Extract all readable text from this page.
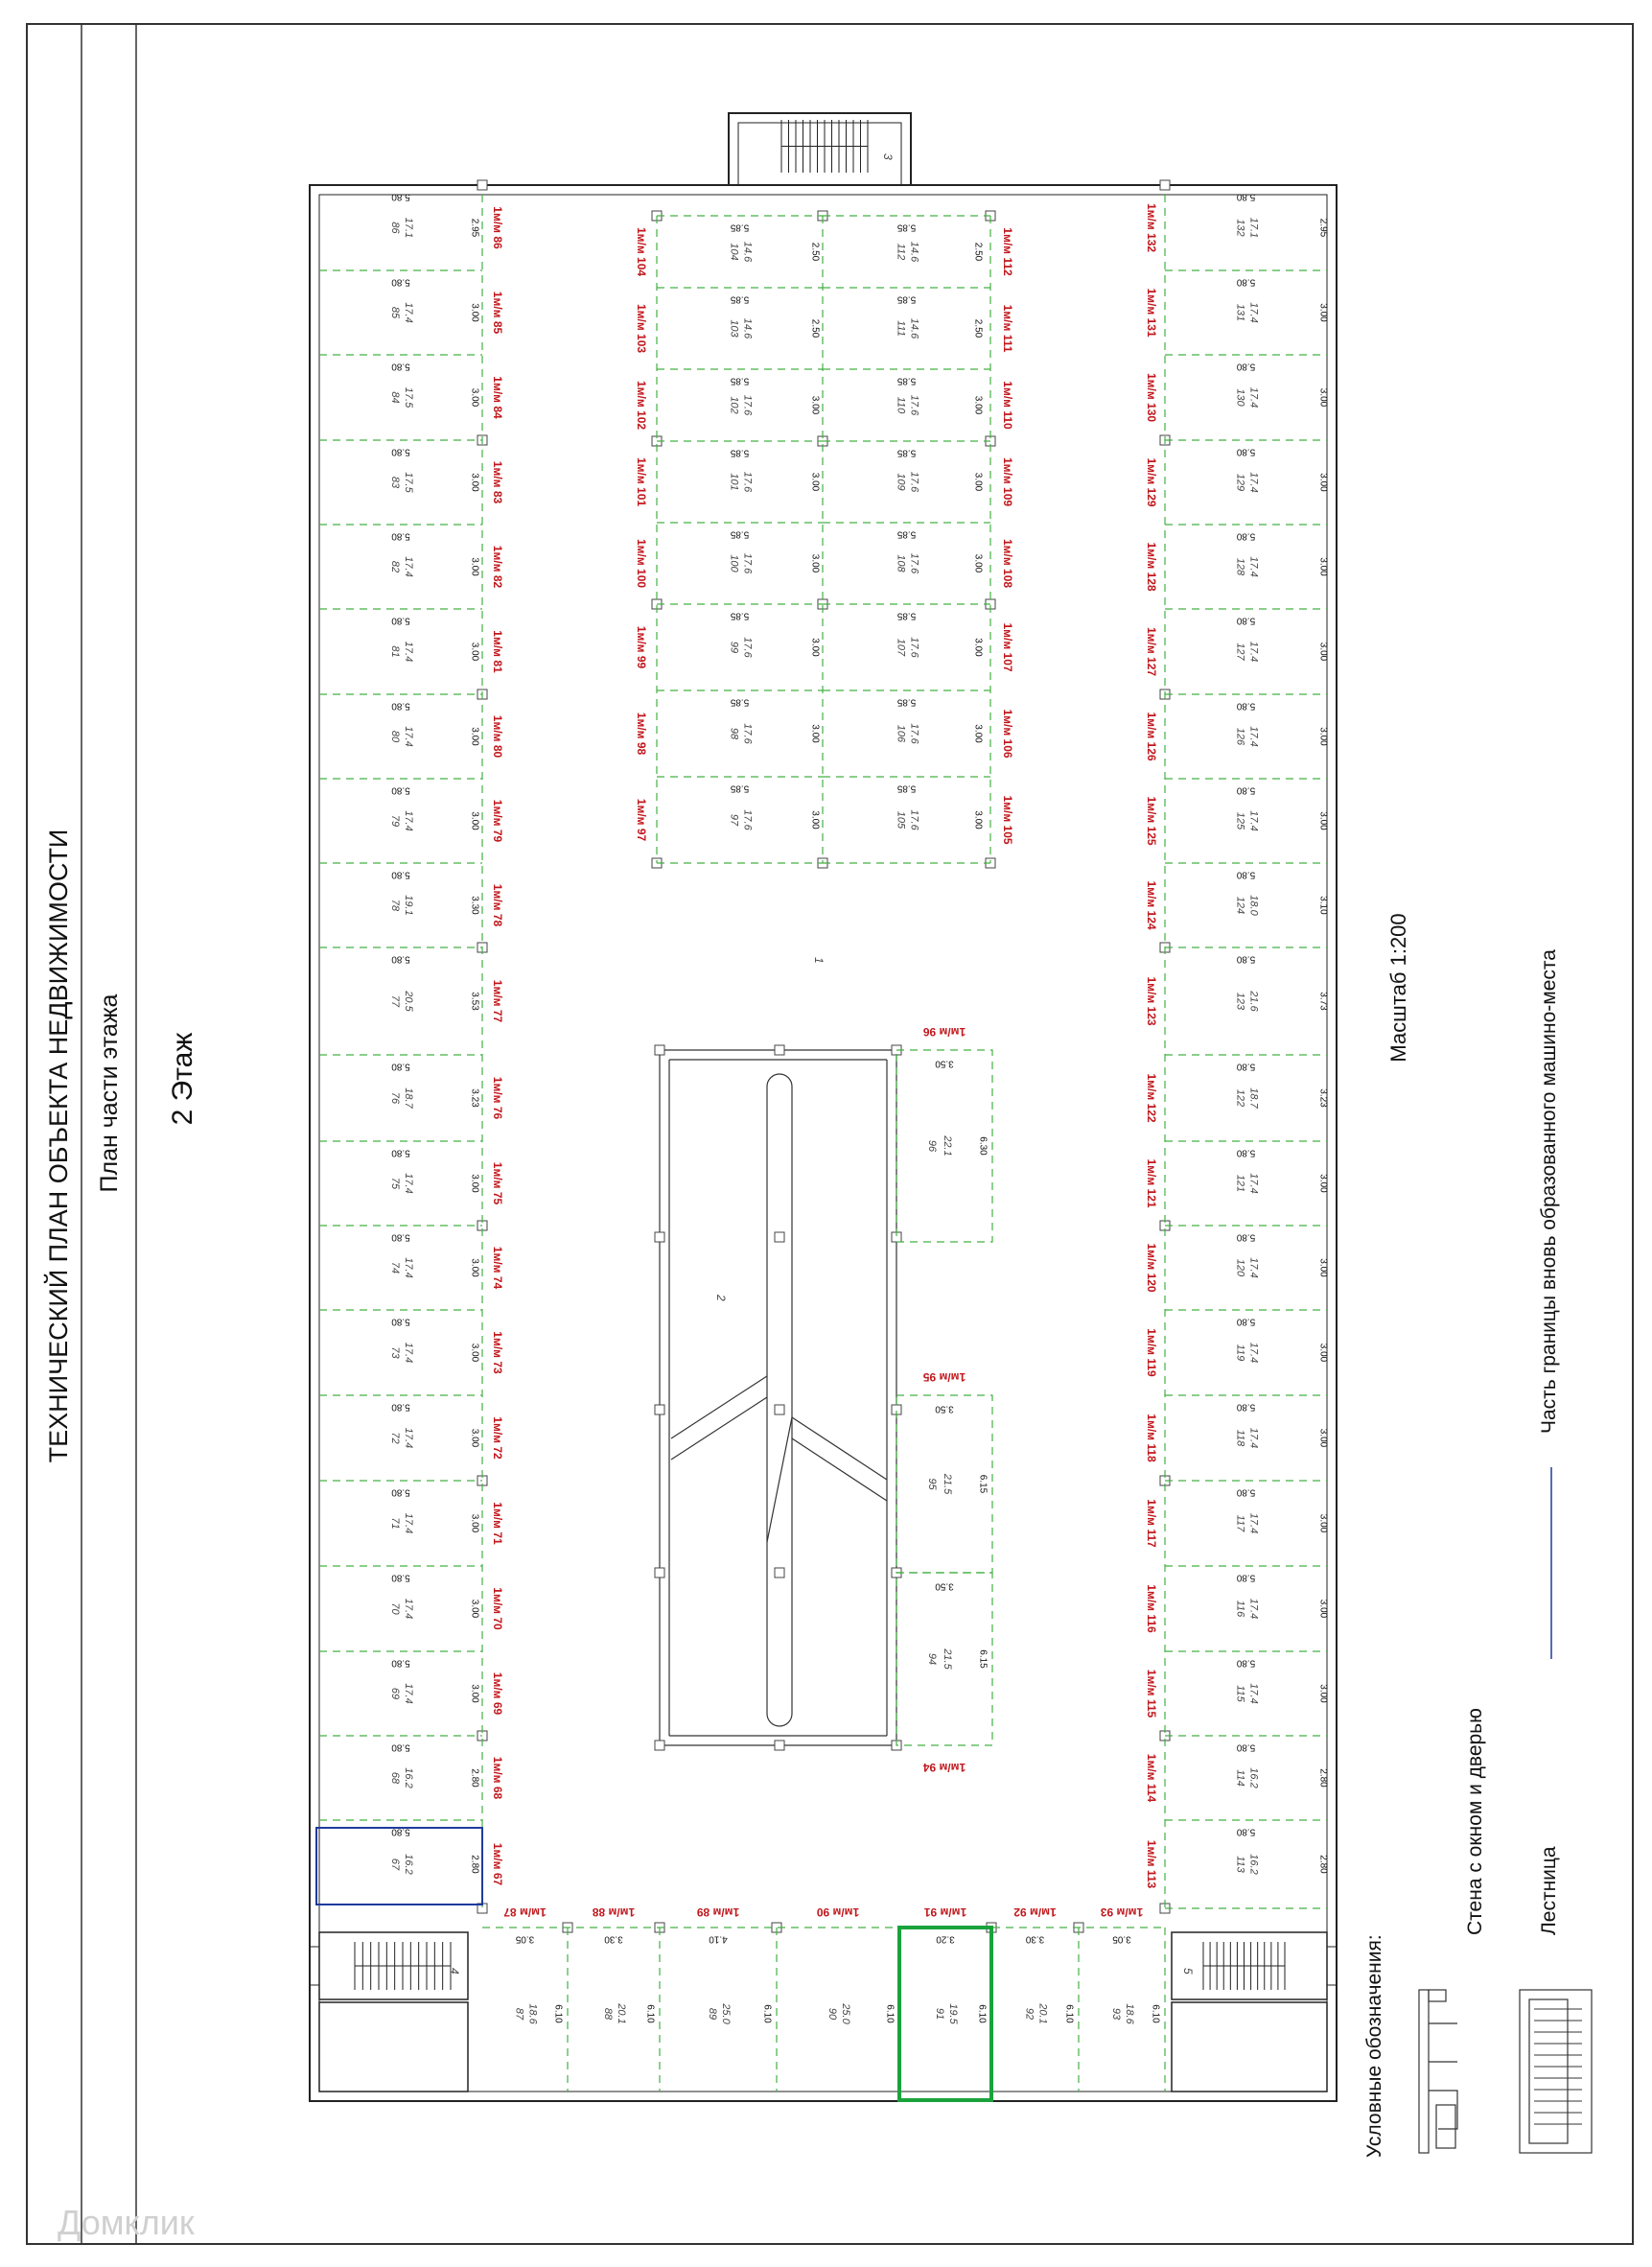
ТЕХНИЧЕСКИЙ ПЛАН ОБЪЕКТА НЕДВИЖИМОСТИ План части этажа 2 Этаж
Масштаб 1:200
3
4	5
2
1
1м/м 86
2.95
5.80
86 17.1
1м/м 85
3.00
5.80
85 17.4
1м/м 84
3.00
5.80
84 17.5
1м/м 83
3.00
5.80
83 17.5
1м/м 82
3.00
5.80
82 17.4
1м/м 81
3.00
5.80
81 17.4
1м/м 80
3.00
5.80
80 17.4
1м/м 79
3.00
5.80
79 17.4
1м/м 78
3.30
5.80
78 19.1
1м/м 77
3.53
5.80
77 20.5
1м/м 76
3.23
5.80
76 18.7
1м/м 75
3.00
5.80
75 17.4
1м/м 74
3.00
5.80
74 17.4
1м/м 73
3.00
5.80
73 17.4
1м/м 72
3.00
5.80
72 17.4
1м/м 71
3.00
5.80
71 17.4
1м/м 70
3.00
5.80
70 17.4
1м/м 69
3.00
5.80
69 17.4
1м/м 68
2.80
5.80
68 16.2
1м/м 67
2.80
5.80
67 16.2
1м/м 132	2.95
5.80
132 17.1
1м/м 131	3.00
5.80
131 17.4
1м/м 130	3.00
5.80
130 17.4
1м/м 129	3.00
5.80
129 17.4
1м/м 128	3.00
5.80
128 17.4
1м/м 127	3.00
5.80
127 17.4
1м/м 126	3.00
5.80
126 17.4
1м/м 125	3.00
5.80
125 17.4
1м/м 124	3.10
5.80
124 18.0
1м/м 123	3.73
5.80
123 21.6
1м/м 122	3.23
5.80
122 18.7
1м/м 121	3.00
5.80
121 17.4
1м/м 120	3.00
5.80
120 17.4
1м/м 119	3.00
5.80
119 17.4
1м/м 118	3.00
5.80
118 17.4
1м/м 117	3.00
5.80
117 17.4
1м/м 116	3.00
5.80
116 17.4
1м/м 115	3.00
5.80
115 17.4
1м/м 114	2.80
5.80
114 16.2
1м/м 113	2.80
5.80
113 16.2
1м/м 104	2.50
5.85
104 14.6
1м/м 103	2.50
5.85
103 14.6
1м/м 102	3.00
5.85
102 17.6
1м/м 101	3.00
5.85
101 17.6
1м/м 100	3.00
5.85
100 17.6
1м/м 99	3.00
5.85
99 17.6
1м/м 98	3.00
5.85
98 17.6
1м/м 97	3.00
5.85
97 17.6
1м/м 112
2.50
5.85
112 14.6
1м/м 111
2.50
5.85
111 14.6
1м/м 110
3.00
5.85
110 17.6
1м/м 109
3.00
5.85
109 17.6
1м/м 108
3.00
5.85
108 17.6
1м/м 107
3.00
5.85
107 17.6
1м/м 106
3.00
5.85
106 17.6
1м/м 105
3.00
5.85
105 17.6
1м/м 96
3.50
6.30
96 22.1
1м/м 95
3.50
6.15
95 21.5
1м/м 94
3.50
6.15
94 21.5
1м/м 87
3.05
6.10
87 18.6
1м/м 88
3.30
6.10
88 20.1
1м/м 89
4.10
6.10
89 25.0
1м/м 90
6.10
90 25.0
1м/м 91
3.20
6.10
91 19.5
1м/м 92
3.30
6.10
92 20.1
1м/м 93
3.05
6.10
93 18.6	Условные обозначения:
Стена с окном и дверью	Лестница
Часть границы вновь образованного машино-места
Домклик
